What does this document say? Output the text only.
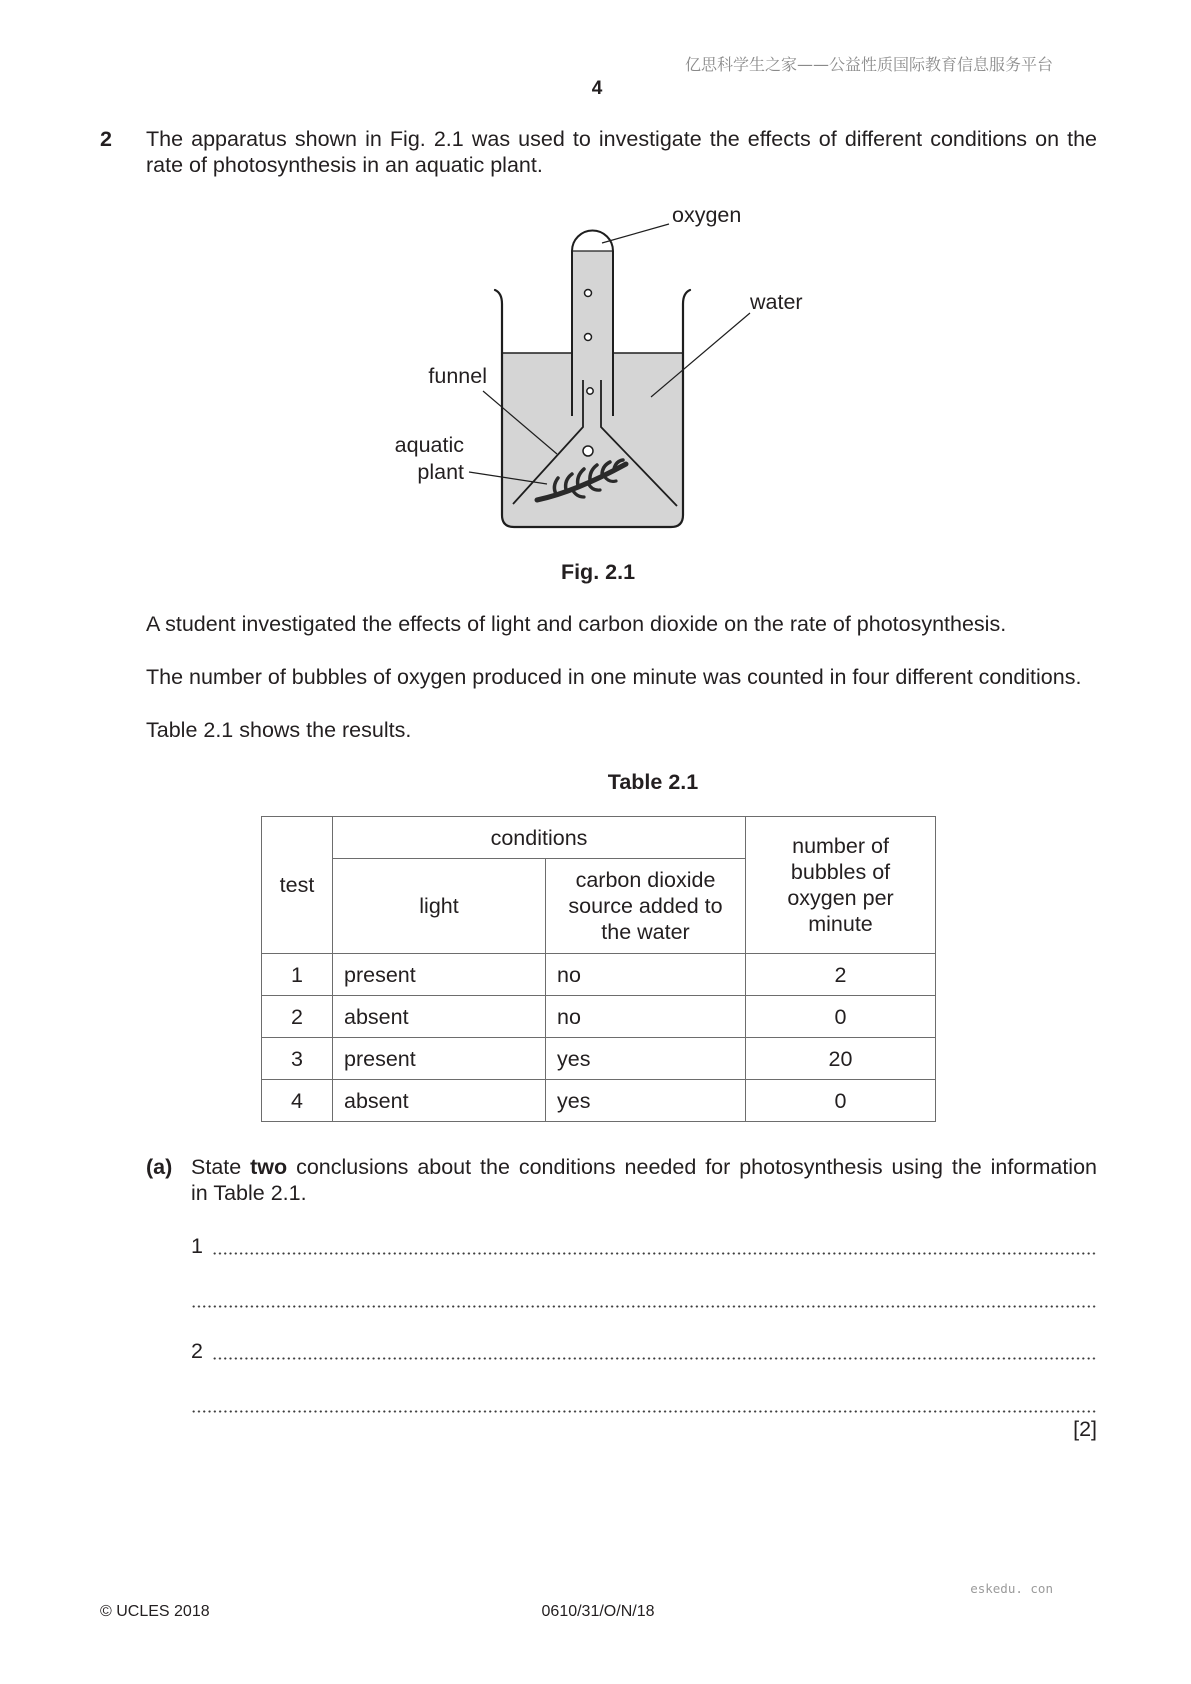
亿思科学生之家——公益性质国际教育信息服务平台
4
2 The apparatus shown in Fig. 2.1 was used to investigate the effects of different conditions on the
rate of photosynthesis in an aquatic plant.
oxygen
water
funnel
aquatic
plant
Fig. 2.1
A student investigated the effects of light and carbon dioxide on the rate of photosynthesis.
The number of bubbles of oxygen produced in one minute was counted in four different conditions.
Table 2.1 shows the results.
Table 2.1
test	conditions		number of
bubbles of
oxygen per
minute

	light	carbon dioxide
source added to
the water	

1	present	no	2
2	absent	no	0
3	present	yes	20
4	absent	yes	0
(a) State two conclusions about the conditions needed for photosynthesis using the information
in Table 2.1.
1
2
[2]
eskedu. con
© UCLES 2018	0610/31/O/N/18
